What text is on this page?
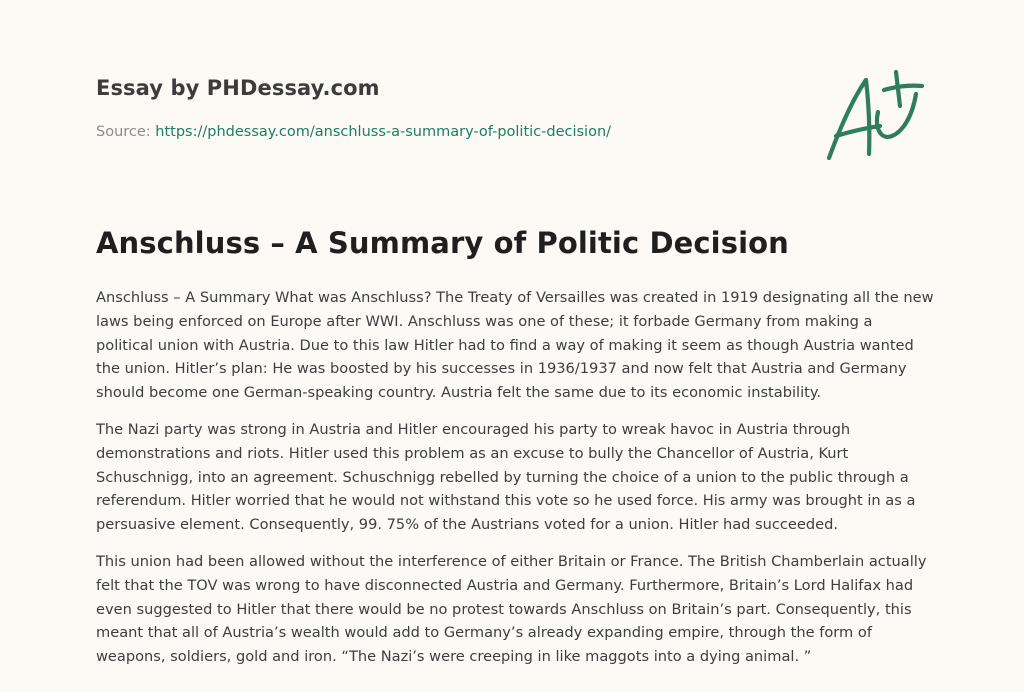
Essay by PHDessay.com
Source: https://phdessay.com/anschluss-a-summary-of-politic-decision/
Anschluss – A Summary of Politic Decision

Anschluss – A Summary What was Anschluss? The Treaty of Versailles was created in 1919 designating all the new laws being enforced on Europe after WWI. Anschluss was one of these; it forbade Germany from making a political union with Austria. Due to this law Hitler had to find a way of making it seem as though Austria wanted the union. Hitler’s plan: He was boosted by his successes in 1936/1937 and now felt that Austria and Germany should become one German-speaking country. Austria felt the same due to its economic instability.

The Nazi party was strong in Austria and Hitler encouraged his party to wreak havoc in Austria through demonstrations and riots. Hitler used this problem as an excuse to bully the Chancellor of Austria, Kurt Schuschnigg, into an agreement. Schuschnigg rebelled by turning the choice of a union to the public through a referendum. Hitler worried that he would not withstand this vote so he used force. His army was brought in as a persuasive element. Consequently, 99. 75% of the Austrians voted for a union. Hitler had succeeded.

This union had been allowed without the interference of either Britain or France. The British Chamberlain actually felt that the TOV was wrong to have disconnected Austria and Germany. Furthermore, Britain’s Lord Halifax had even suggested to Hitler that there would be no protest towards Anschluss on Britain’s part. Consequently, this meant that all of Austria’s wealth would add to Germany’s already expanding empire, through the form of weapons, soldiers, gold and iron. “The Nazi’s were creeping in like maggots into a dying animal. ”
